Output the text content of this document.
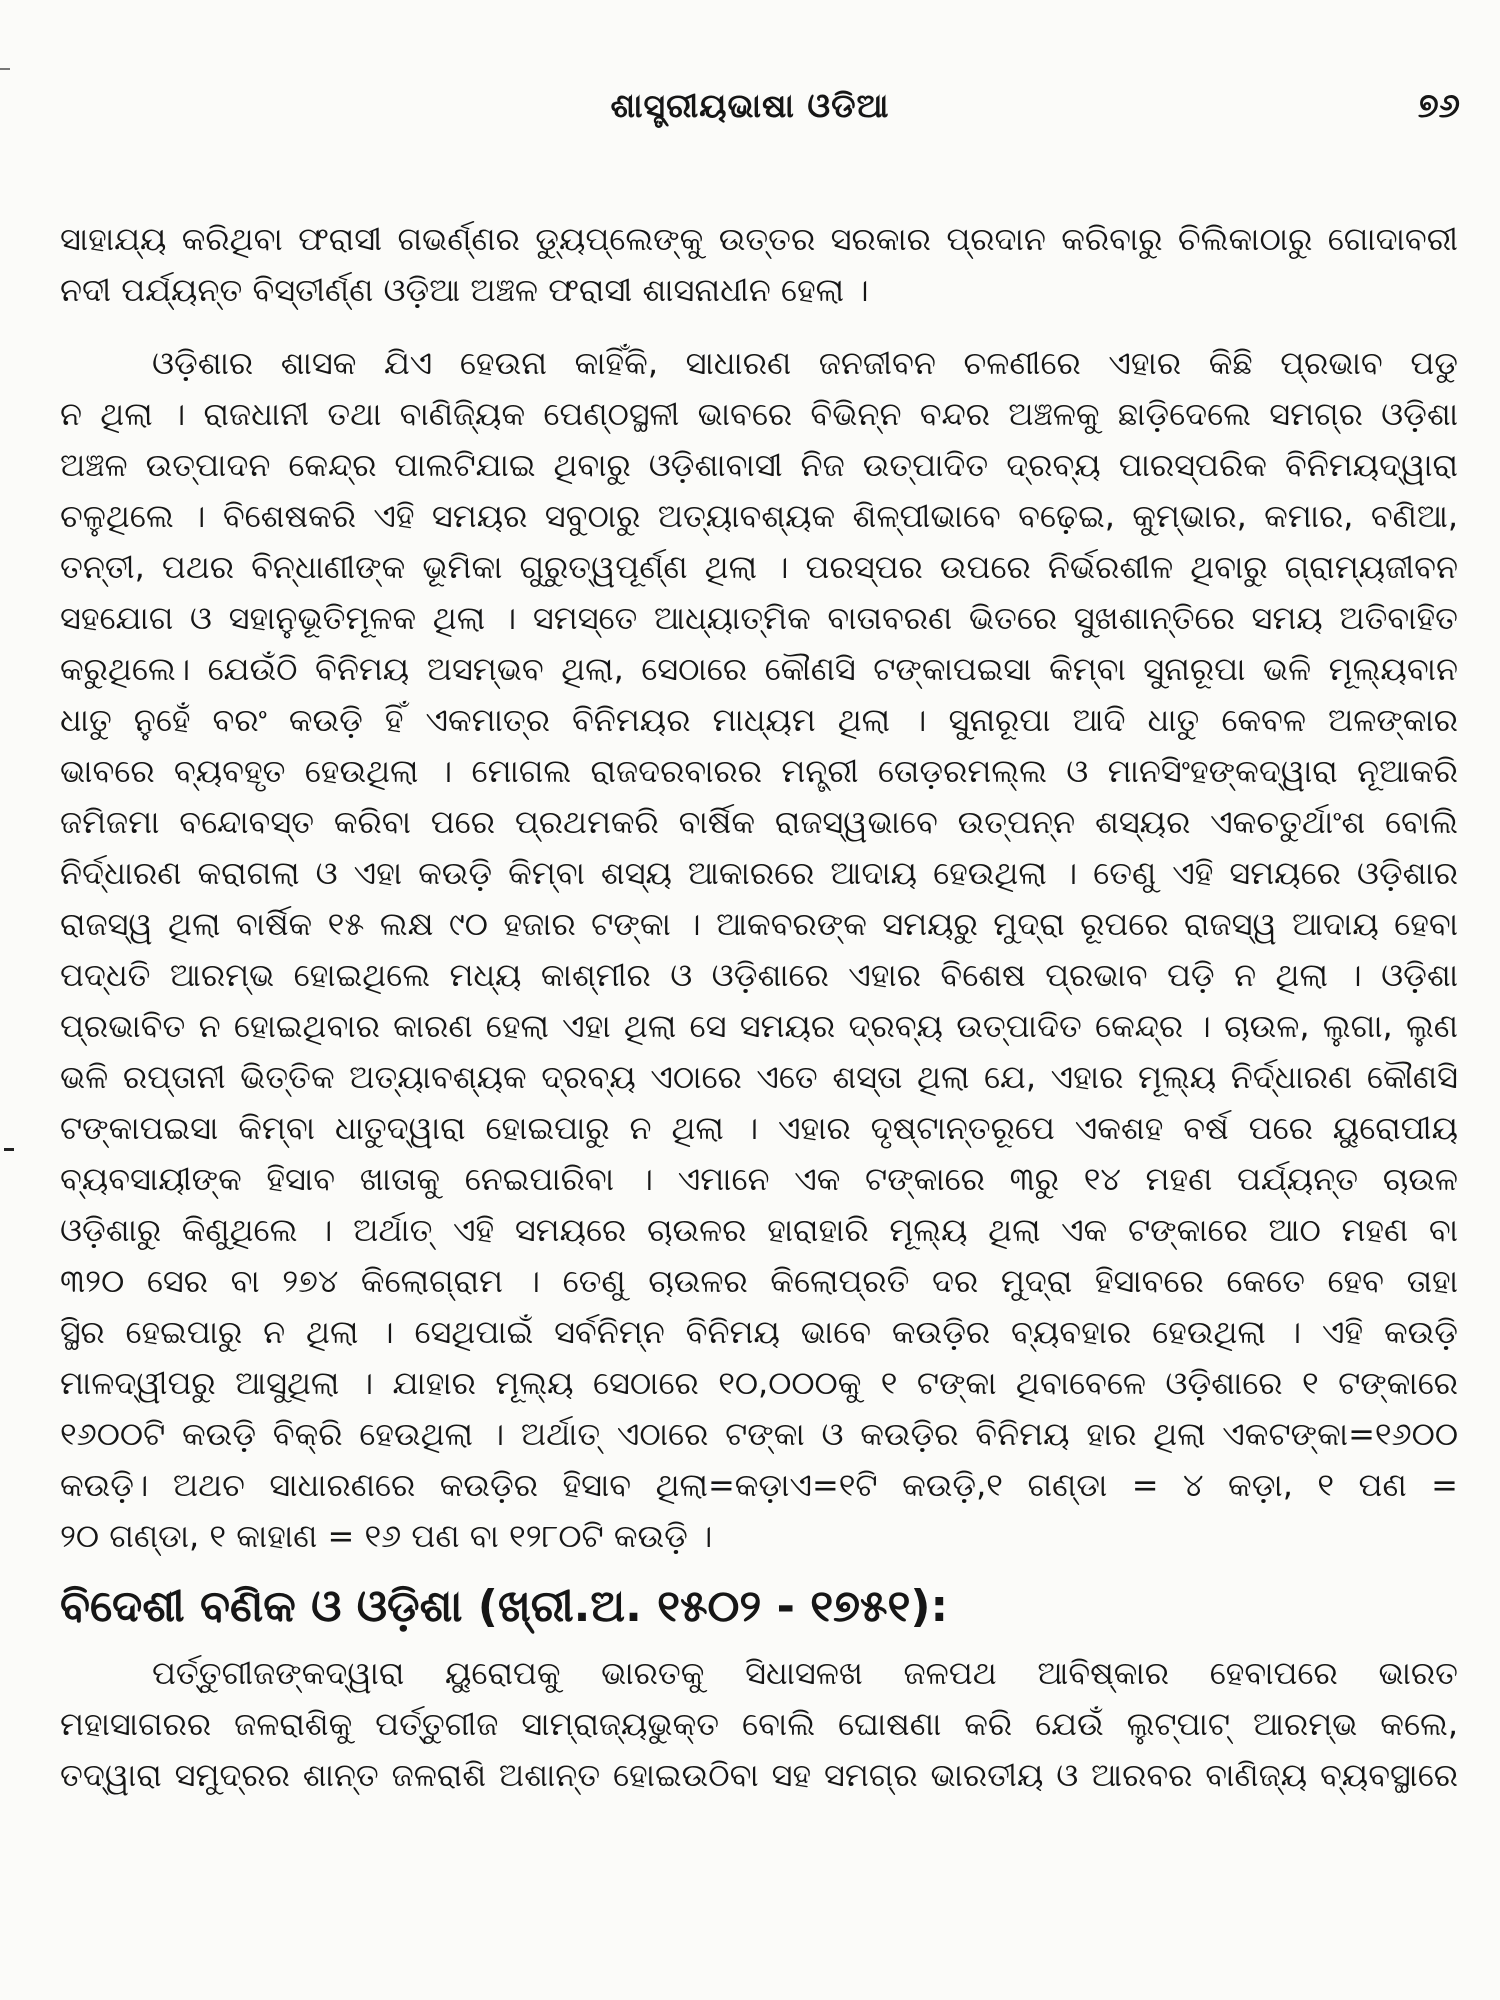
ଶାସ୍ତ୍ରୀୟଭାଷା ଓଡିଆ	୭୬
ସାହାଯ୍ୟ କରିଥିବା ଫରାସୀ ଗଭର୍ଣ୍ଣର ଡ୍ୟୁପ୍ଲେଙ୍କୁ ଉତ୍ତର ସରକାର ପ୍ରଦାନ କରିବାରୁ ଚିଲିକାଠାରୁ ଗୋଦାବରୀ
ନଦୀ ପର୍ଯ୍ୟନ୍ତ ବିସ୍ତୀର୍ଣ୍ଣ ଓଡ଼ିଆ ଅଞ୍ଚଳ ଫରାସୀ ଶାସନାଧୀନ ହେଲା ।
ଓଡ଼ିଶାର ଶାସକ ଯିଏ ହେଉନା କାହିଁକି, ସାଧାରଣ ଜନଜୀବନ ଚଳଣୀରେ ଏହାର କିଛି ପ୍ରଭାବ ପଡୁ
ନ ଥିଲା । ରାଜଧାନୀ ତଥା ବାଣିଜ୍ୟିକ ପେଣ୍ଠସ୍ଥଳୀ ଭାବରେ ବିଭିନ୍ନ ବନ୍ଦର ଅଞ୍ଚଳକୁ ଛାଡ଼ିଦେଲେ ସମଗ୍ର ଓଡ଼ିଶା
ଅଞ୍ଚଳ ଉତ୍ପାଦନ କେନ୍ଦ୍ର ପାଲଟିଯାଇ ଥିବାରୁ ଓଡ଼ିଶାବାସୀ ନିଜ ଉତ୍ପାଦିତ ଦ୍ରବ୍ୟ ପାରସ୍ପରିକ ବିନିମୟଦ୍ୱାରା
ଚଳୁଥିଲେ । ବିଶେଷକରି ଏହି ସମୟର ସବୁଠାରୁ ଅତ୍ୟାବଶ୍ୟକ ଶିଳ୍ପୀଭାବେ ବଢ଼େଇ, କୁମ୍ଭାର, କମାର, ବଣିଆ,
ତନ୍ତୀ, ପଥର ବିନ୍ଧାଣୀଙ୍କ ଭୂମିକା ଗୁରୁତ୍ୱପୂର୍ଣ୍ଣ ଥିଲା । ପରସ୍ପର ଉପରେ ନିର୍ଭରଶୀଳ ଥିବାରୁ ଗ୍ରାମ୍ୟଜୀବନ
ସହଯୋଗ ଓ ସହାନୁଭୂତିମୂଳକ ଥିଲା । ସମସ୍ତେ ଆଧ୍ୟାତ୍ମିକ ବାତାବରଣ ଭିତରେ ସୁଖଶାନ୍ତିରେ ସମୟ ଅତିବାହିତ
କରୁଥିଲେ। ଯେଉଁଠି ବିନିମୟ ଅସମ୍ଭବ ଥିଲା, ସେଠାରେ କୌଣସି ଟଙ୍କାପଇସା କିମ୍ବା ସୁନାରୂପା ଭଳି ମୂଲ୍ୟବାନ
ଧାତୁ ନୁହେଁ ବରଂ କଉଡ଼ି ହିଁ ଏକମାତ୍ର ବିନିମୟର ମାଧ୍ୟମ ଥିଲା । ସୁନାରୂପା ଆଦି ଧାତୁ କେବଳ ଅଳଙ୍କାର
ଭାବରେ ବ୍ୟବହୃତ ହେଉଥିଲା । ମୋଗଲ ରାଜଦରବାରର ମନ୍ତ୍ରୀ ତୋଡ଼ରମଲ୍ଲ ଓ ମାନସିଂହଙ୍କଦ୍ୱାରା ନୂଆକରି
ଜମିଜମା ବନ୍ଦୋବସ୍ତ କରିବା ପରେ ପ୍ରଥମକରି ବାର୍ଷିକ ରାଜସ୍ୱଭାବେ ଉତ୍ପନ୍ନ ଶସ୍ୟର ଏକଚତୁର୍ଥାଂଶ ବୋଲି
ନିର୍ଦ୍ଧାରଣ କରାଗଲା ଓ ଏହା କଉଡ଼ି କିମ୍ବା ଶସ୍ୟ ଆକାରରେ ଆଦାୟ ହେଉଥିଲା । ତେଣୁ ଏହି ସମୟରେ ଓଡ଼ିଶାର
ରାଜସ୍ୱ ଥିଲା ବାର୍ଷିକ ୧୫ ଲକ୍ଷ ୯୦ ହଜାର ଟଙ୍କା । ଆକବରଙ୍କ ସମୟରୁ ମୁଦ୍ରା ରୂପରେ ରାଜସ୍ୱ ଆଦାୟ ହେବା
ପଦ୍ଧତି ଆରମ୍ଭ ହୋଇଥିଲେ ମଧ୍ୟ କାଶ୍ମୀର ଓ ଓଡ଼ିଶାରେ ଏହାର ବିଶେଷ ପ୍ରଭାବ ପଡ଼ି ନ ଥିଲା । ଓଡ଼ିଶା
ପ୍ରଭାବିତ ନ ହୋଇଥିବାର କାରଣ ହେଲା ଏହା ଥିଲା ସେ ସମୟର ଦ୍ରବ୍ୟ ଉତ୍ପାଦିତ କେନ୍ଦ୍ର । ଚାଉଳ, ଲୁଗା, ଲୁଣ
ଭଳି ରପ୍ତାନୀ ଭିତ୍ତିକ ଅତ୍ୟାବଶ୍ୟକ ଦ୍ରବ୍ୟ ଏଠାରେ ଏତେ ଶସ୍ତା ଥିଲା ଯେ, ଏହାର ମୂଲ୍ୟ ନିର୍ଦ୍ଧାରଣ କୌଣସି
ଟଙ୍କାପଇସା କିମ୍ବା ଧାତୁଦ୍ୱାରା ହୋଇପାରୁ ନ ଥିଲା । ଏହାର ଦୃଷ୍ଟାନ୍ତରୂପେ ଏକଶହ ବର୍ଷ ପରେ ୟୁରୋପୀୟ
ବ୍ୟବସାୟୀଙ୍କ ହିସାବ ଖାତାକୁ ନେଇପାରିବା । ଏମାନେ ଏକ ଟଙ୍କାରେ ୩ରୁ ୧୪ ମହଣ ପର୍ଯ୍ୟନ୍ତ ଚାଉଳ
ଓଡ଼ିଶାରୁ କିଣୁଥିଲେ । ଅର୍ଥାତ୍ ଏହି ସମୟରେ ଚାଉଳର ହାରାହାରି ମୂଲ୍ୟ ଥିଲା ଏକ ଟଙ୍କାରେ ଆଠ ମହଣ ବା
୩୨୦ ସେର ବା ୨୭୪ କିଲୋଗ୍ରାମ । ତେଣୁ ଚାଉଳର କିଲୋପ୍ରତି ଦର ମୁଦ୍ରା ହିସାବରେ କେତେ ହେବ ତାହା
ସ୍ଥିର ହେଇପାରୁ ନ ଥିଲା । ସେଥିପାଇଁ ସର୍ବନିମ୍ନ ବିନିମୟ ଭାବେ କଉଡ଼ିର ବ୍ୟବହାର ହେଉଥିଲା । ଏହି କଉଡ଼ି
ମାଳଦ୍ୱୀପରୁ ଆସୁଥିଲା । ଯାହାର ମୂଲ୍ୟ ସେଠାରେ ୧୦,୦୦୦କୁ ୧ ଟଙ୍କା ଥିବାବେଳେ ଓଡ଼ିଶାରେ ୧ ଟଙ୍କାରେ
୧୬୦୦ଟି କଉଡ଼ି ବିକ୍ରି ହେଉଥିଲା । ଅର୍ଥାତ୍ ଏଠାରେ ଟଙ୍କା ଓ କଉଡ଼ିର ବିନିମୟ ହାର ଥିଲା ଏକଟଙ୍କା=୧୬୦୦
କଉଡ଼ି। ଅଥଚ ସାଧାରଣରେ କଉଡ଼ିର ହିସାବ ଥିଲା=କଡ଼ାଏ=୧ଟି କଉଡ଼ି,୧ ଗଣ୍ଡା = ୪ କଡ଼ା, ୧ ପଣ =
୨୦ ଗଣ୍ଡା, ୧ କାହାଣ = ୧୬ ପଣ ବା ୧୨୮୦ଟି କଉଡ଼ି ।
ବିଦେଶୀ ବଣିକ ଓ ଓଡ଼ିଶା (ଖ୍ରୀ.ଅ. ୧୫୦୨ - ୧୭୫୧):
ପର୍ତ୍ତୁଗୀଜଙ୍କଦ୍ୱାରା ୟୁରୋପକୁ ଭାରତକୁ ସିଧାସଳଖ ଜଳପଥ ଆବିଷ୍କାର ହେବାପରେ ଭାରତ
ମହାସାଗରର ଜଳରାଶିକୁ ପର୍ତ୍ତୁଗୀଜ ସାମ୍ରାଜ୍ୟଭୁକ୍ତ ବୋଲି ଘୋଷଣା କରି ଯେଉଁ ଲୁଟ୍‌ପାଟ୍ ଆରମ୍ଭ କଲେ,
ତଦ୍ୱାରା ସମୁଦ୍ରର ଶାନ୍ତ ଜଳରାଶି ଅଶାନ୍ତ ହୋଇଉଠିବା ସହ ସମଗ୍ର ଭାରତୀୟ ଓ ଆରବର ବାଣିଜ୍ୟ ବ୍ୟବସ୍ଥାରେ
